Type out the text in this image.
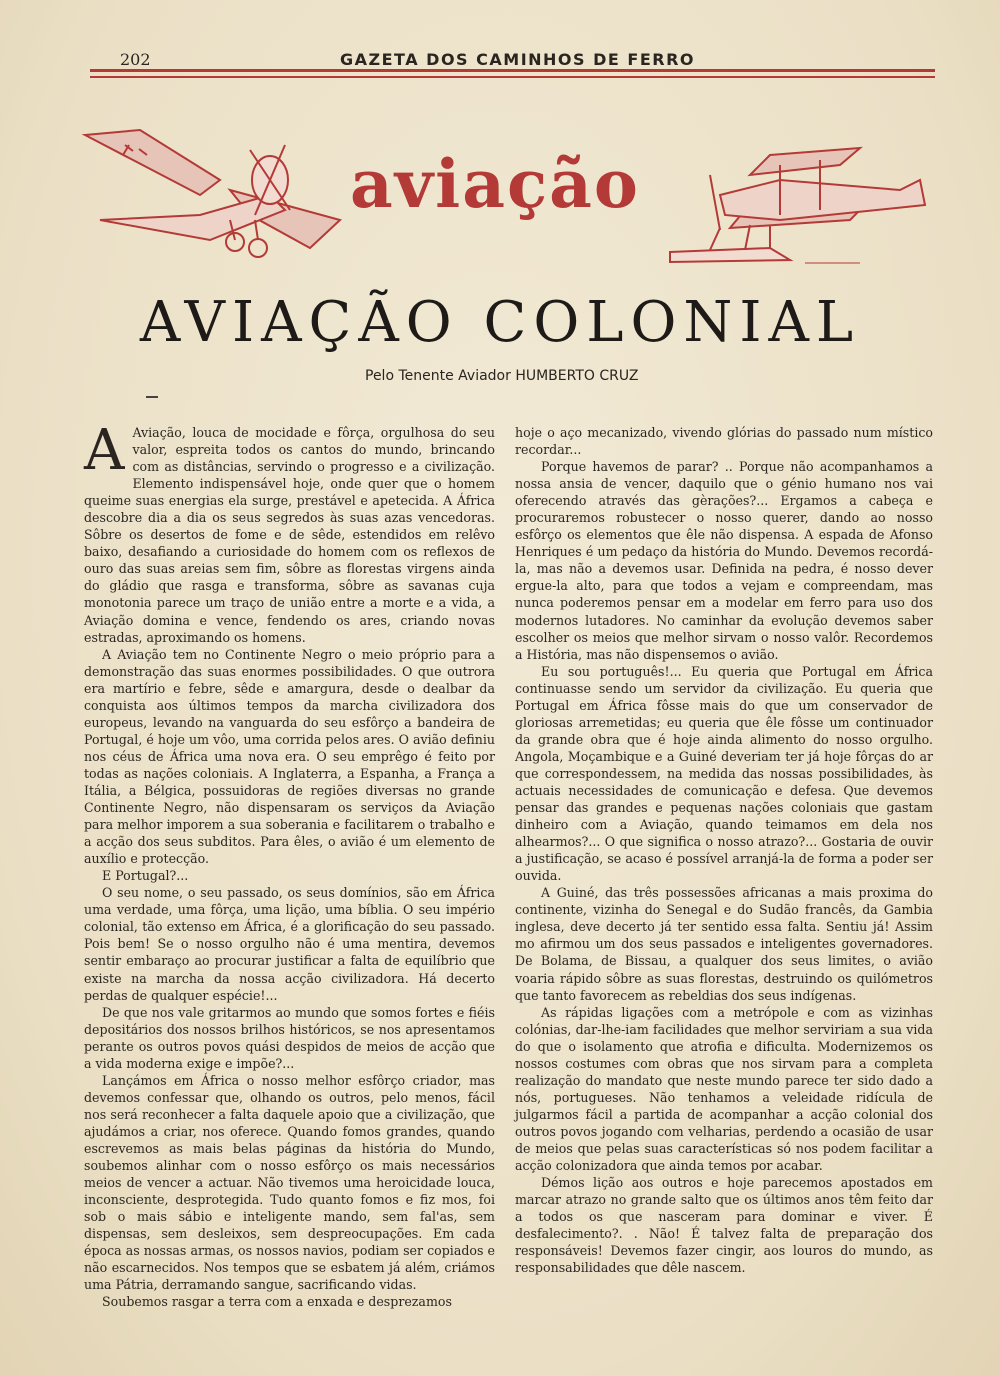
202	GAZETA DOS CAMINHOS DE FERRO
aviação
AVIAÇÃO COLONIAL
Pelo Tenente Aviador HUMBERTO CRUZ
A Aviação, louca de mocidade e fôrça, orgulhosa do seu valor, espreita todos os cantos do mundo, brincando com as distâncias, servindo o progresso e a civilização. Elemento indispensável hoje, onde quer que o homem queime suas energias ela surge, prestável e apetecida. A África descobre dia a dia os seus segredos às suas azas vencedoras. Sôbre os desertos de fome e de sêde, estendidos em relêvo baixo, desafiando a curiosidade do homem com os reflexos de ouro das suas areias sem fim, sôbre as florestas virgens ainda do gládio que rasga e transforma, sôbre as savanas cuja monotonia parece um traço de união entre a morte e a vida, a Aviação domina e vence, fendendo os ares, criando novas estradas, aproximando os homens.

A Aviação tem no Continente Negro o meio próprio para a demonstração das suas enormes possibilidades. O que outrora era martírio e febre, sêde e amargura, desde o dealbar da conquista aos últimos tempos da marcha civilizadora dos europeus, levando na vanguarda do seu esfôrço a bandeira de Portugal, é hoje um vôo, uma corrida pelos ares. O avião definiu nos céus de África uma nova era. O seu emprêgo é feito por todas as nações coloniais. A Inglaterra, a Espanha, a França a Itália, a Bélgica, possuidoras de regiões diversas no grande Continente Negro, não dispensaram os serviços da Aviação para melhor imporem a sua soberania e facilitarem o trabalho e a acção dos seus subditos. Para êles, o avião é um elemento de auxílio e protecção.

E Portugal?...

O seu nome, o seu passado, os seus domínios, são em África uma verdade, uma fôrça, uma lição, uma bíblia. O seu império colonial, tão extenso em África, é a glorificação do seu passado. Pois bem! Se o nosso orgulho não é uma mentira, devemos sentir embaraço ao procurar justificar a falta de equilíbrio que existe na marcha da nossa acção civilizadora. Há decerto perdas de qualquer espécie!...

De que nos vale gritarmos ao mundo que somos fortes e fiéis depositários dos nossos brilhos históricos, se nos apresentamos perante os outros povos quási despidos de meios de acção que a vida moderna exige e impõe?...

Lançámos em África o nosso melhor esfôrço criador, mas devemos confessar que, olhando os outros, pelo menos, fácil nos será reconhecer a falta daquele apoio que a civilização, que ajudámos a criar, nos oferece. Quando fomos grandes, quando escrevemos as mais belas páginas da história do Mundo, soubemos alinhar com o nosso esfôrço os mais necessários meios de vencer a actuar. Não tivemos uma heroicidade louca, inconsciente, desprotegida. Tudo quanto fomos e fiz mos, foi sob o mais sábio e inteligente mando, sem fal'as, sem dispensas, sem desleixos, sem despreocupações. Em cada época as nossas armas, os nossos navios, podiam ser copiados e não escarnecidos. Nos tempos que se esbatem já além, criámos uma Pátria, derramando sangue, sacrificando vidas.

Soubemos rasgar a terra com a enxada e desprezamos

hoje o aço mecanizado, vivendo glórias do passado num místico recordar...

Porque havemos de parar? .. Porque não acompanhamos a nossa ansia de vencer, daquilo que o génio humano nos vai oferecendo através das gèrações?... Ergamos a cabeça e procuraremos robustecer o nosso querer, dando ao nosso esfôrço os elementos que êle não dispensa. A espada de Afonso Henriques é um pedaço da história do Mundo. Devemos recordá-la, mas não a devemos usar. Definida na pedra, é nosso dever ergue-la alto, para que todos a vejam e compreendam, mas nunca poderemos pensar em a modelar em ferro para uso dos modernos lutadores. No caminhar da evolução devemos saber escolher os meios que melhor sirvam o nosso valôr. Recordemos a História, mas não dispensemos o avião.

Eu sou português!... Eu queria que Portugal em África continuasse sendo um servidor da civilização. Eu queria que Portugal em África fôsse mais do que um conservador de gloriosas arremetidas; eu queria que êle fôsse um continuador da grande obra que é hoje ainda alimento do nosso orgulho. Angola, Moçambique e a Guiné deveriam ter já hoje fôrças do ar que correspondessem, na medida das nossas possibilidades, às actuais necessidades de comunicação e defesa. Que devemos pensar das grandes e pequenas nações coloniais que gastam dinheiro com a Aviação, quando teimamos em dela nos alhearmos?... O que significa o nosso atrazo?... Gostaria de ouvir a justificação, se acaso é possível arranjá-la de forma a poder ser ouvida.

A Guiné, das três possessões africanas a mais proxima do continente, vizinha do Senegal e do Sudão francês, da Gambia inglesa, deve decerto já ter sentido essa falta. Sentiu já! Assim mo afirmou um dos seus passados e inteligentes governadores. De Bolama, de Bissau, a qualquer dos seus limites, o avião voaria rápido sôbre as suas florestas, destruindo os quilómetros que tanto favorecem as rebeldias dos seus indígenas.

As rápidas ligações com a metrópole e com as vizinhas colónias, dar-lhe-iam facilidades que melhor serviriam a sua vida do que o isolamento que atrofia e dificulta. Modernizemos os nossos costumes com obras que nos sirvam para a completa realização do mandato que neste mundo parece ter sido dado a nós, portugueses. Não tenhamos a veleidade ridícula de julgarmos fácil a partida de acompanhar a acção colonial dos outros povos jogando com velharias, perdendo a ocasião de usar de meios que pelas suas características só nos podem facilitar a acção colonizadora que ainda temos por acabar.

Démos lição aos outros e hoje parecemos apostados em marcar atrazo no grande salto que os últimos anos têm feito dar a todos os que nasceram para dominar e viver. É desfalecimento?. . Não! É talvez falta de preparação dos responsáveis! Devemos fazer cingir, aos louros do mundo, as responsabilidades que dêle nascem.
